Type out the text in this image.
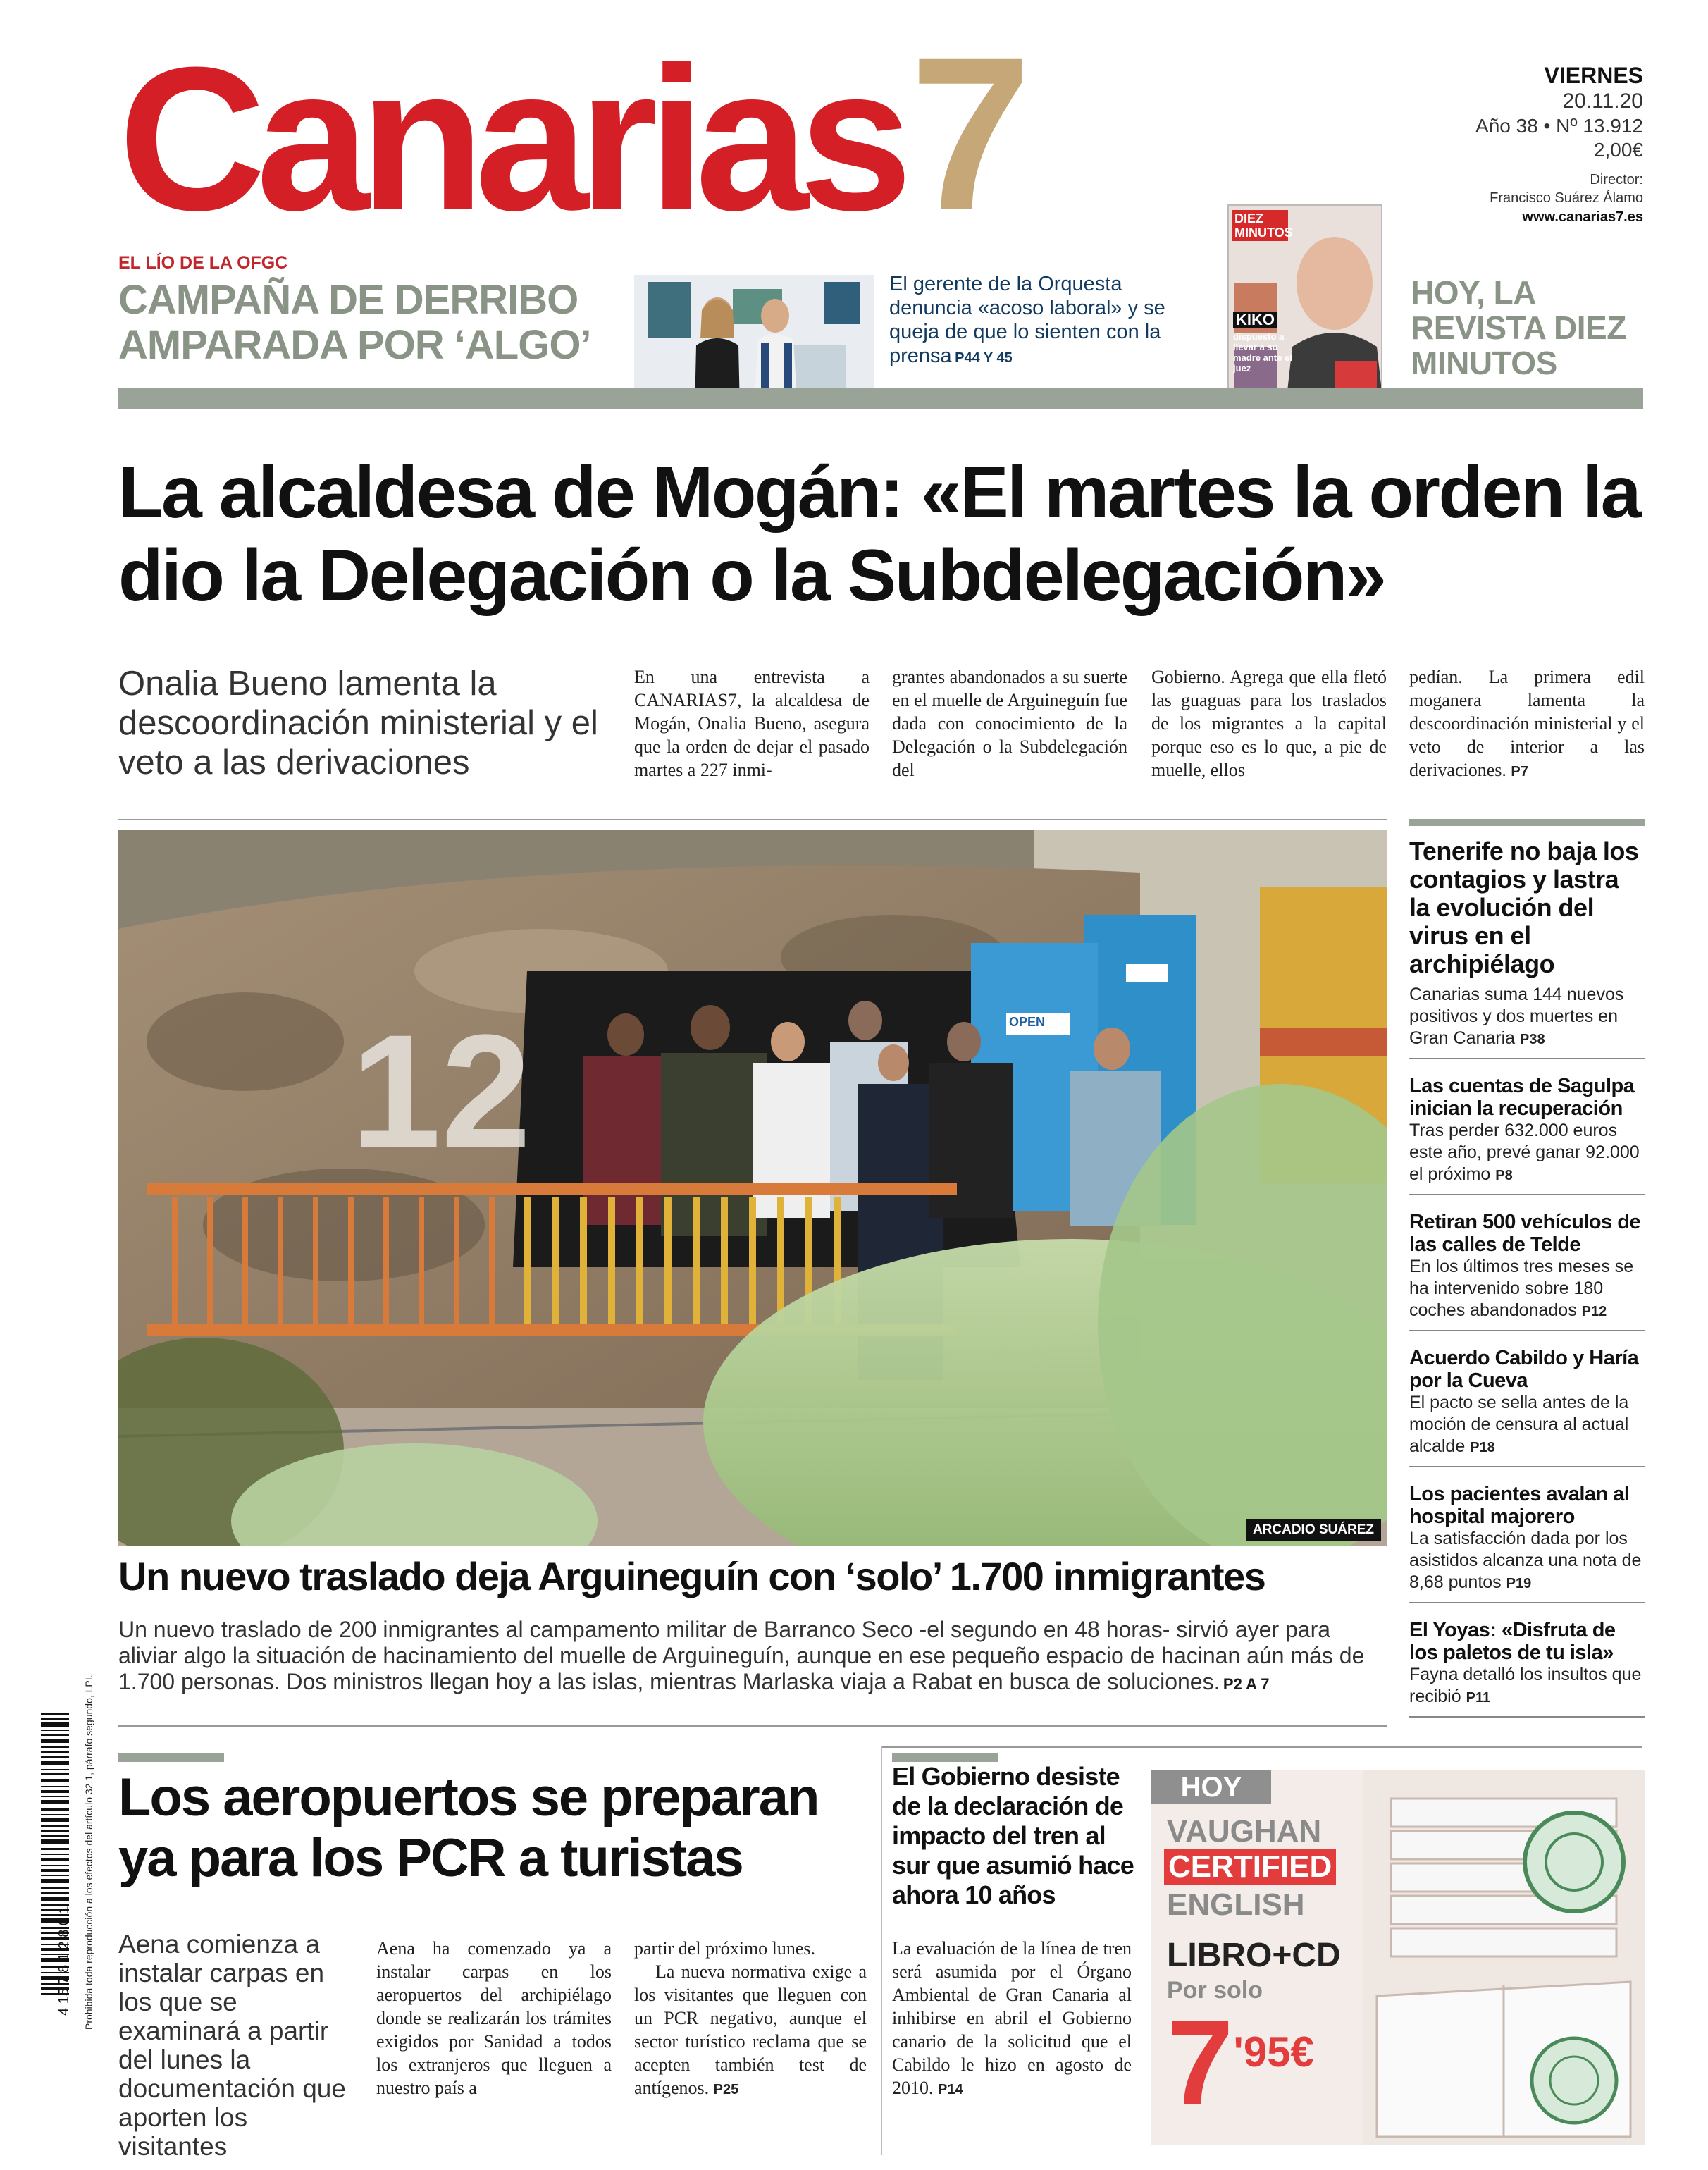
Canarias7	VIERNES
20.11.20
Año 38 • Nº 13.912
2,00€
Director:
Francisco Suárez Álamo
www.canarias7.es
EL LÍO DE LA OFGC
CAMPAÑA DE DERRIBO AMPARADA POR ‘ALGO’
El gerente de la Orquesta denuncia «acoso laboral» y se queja de que lo sienten con la prensa P44 Y 45
DIEZ MINUTOS
KIKO
dispuesto a llevar a su madre ante el juez
HOY, LA REVISTA DIEZ MINUTOS
La alcaldesa de Mogán: «El martes la orden la dio la Delegación o la Subdelegación»
Onalia Bueno lamenta la descoordinación ministerial y el veto a las derivaciones
En una entrevista a CANARIAS7, la alcaldesa de Mogán, Onalia Bueno, asegura que la orden de dejar el pasado martes a 227 inmi-
grantes abandonados a su suerte en el muelle de Arguineguín fue dada con conocimiento de la Delegación o la Subdelegación del
Gobierno. Agrega que ella fletó las guaguas para los traslados de los migrantes a la capital porque eso es lo que, a pie de muelle, ellos
pedían. La primera edil moganera lamenta la descoordinación ministerial y el veto de interior a las derivaciones. P7
12	OPEN
ARCADIO SUÁREZ
Un nuevo traslado deja Arguineguín con ‘solo’ 1.700 inmigrantes
Un nuevo traslado de 200 inmigrantes al campamento militar de Barranco Seco -el segundo en 48 horas- sirvió ayer para aliviar algo la situación de hacinamiento del muelle de Arguineguín, aunque en ese pequeño espacio de hacinan aún más de 1.700 personas. Dos ministros llegan hoy a las islas, mientras Marlaska viaja a Rabat en busca de soluciones. P2 A 7
Tenerife no baja los contagios y lastra la evolución del virus en el archipiélago

Canarias suma 144 nuevos positivos y dos muertes en Gran Canaria P38

Las cuentas de Sagulpa inician la recuperación

Tras perder 632.000 euros este año, prevé ganar 92.000 el próximo P8

Retiran 500 vehículos de las calles de Telde

En los últimos tres meses se ha intervenido sobre 180 coches abandonados P12

Acuerdo Cabildo y Haría por la Cueva

El pacto se sella antes de la moción de censura al actual alcalde P18

Los pacientes avalan al hospital majorero

La satisfacción dada por los asistidos alcanza una nota de 8,68 puntos P19

El Yoyas: «Disfruta de los paletos de tu isla»

Fayna detalló los insultos que recibió P11

4 15 7 8 1 2 8 0 1 Prohibida toda reproducción a los efectos del artículo 32.1, párrafo segundo, LPI. Los aeropuertos se preparan ya para los PCR a turistas
Aena comienza a instalar carpas en los que se examinará a partir del lunes la documentación que aporten los visitantes
Aena ha comenzado ya a instalar carpas en los aeropuertos del archipiélago donde se realizarán los trámites exigidos por Sanidad a todos los extranjeros que lleguen a nuestro país a
partir del próximo lunes.
La nueva normativa exige a los visitantes que lleguen con un PCR negativo, aunque el sector turístico reclama que se acepten también test de antígenos. P25
El Gobierno desiste de la declaración de impacto del tren al sur que asumió hace ahora 10 años
La evaluación de la línea de tren será asumida por el Órgano Ambiental de Gran Canaria al inhibirse en abril el Gobierno canario de la solicitud que el Cabildo le hizo en agosto de 2010. P14
HOY
VAUGHAN
CERTIFIED
ENGLISH
LIBRO+CD
Por solo
7'95€
